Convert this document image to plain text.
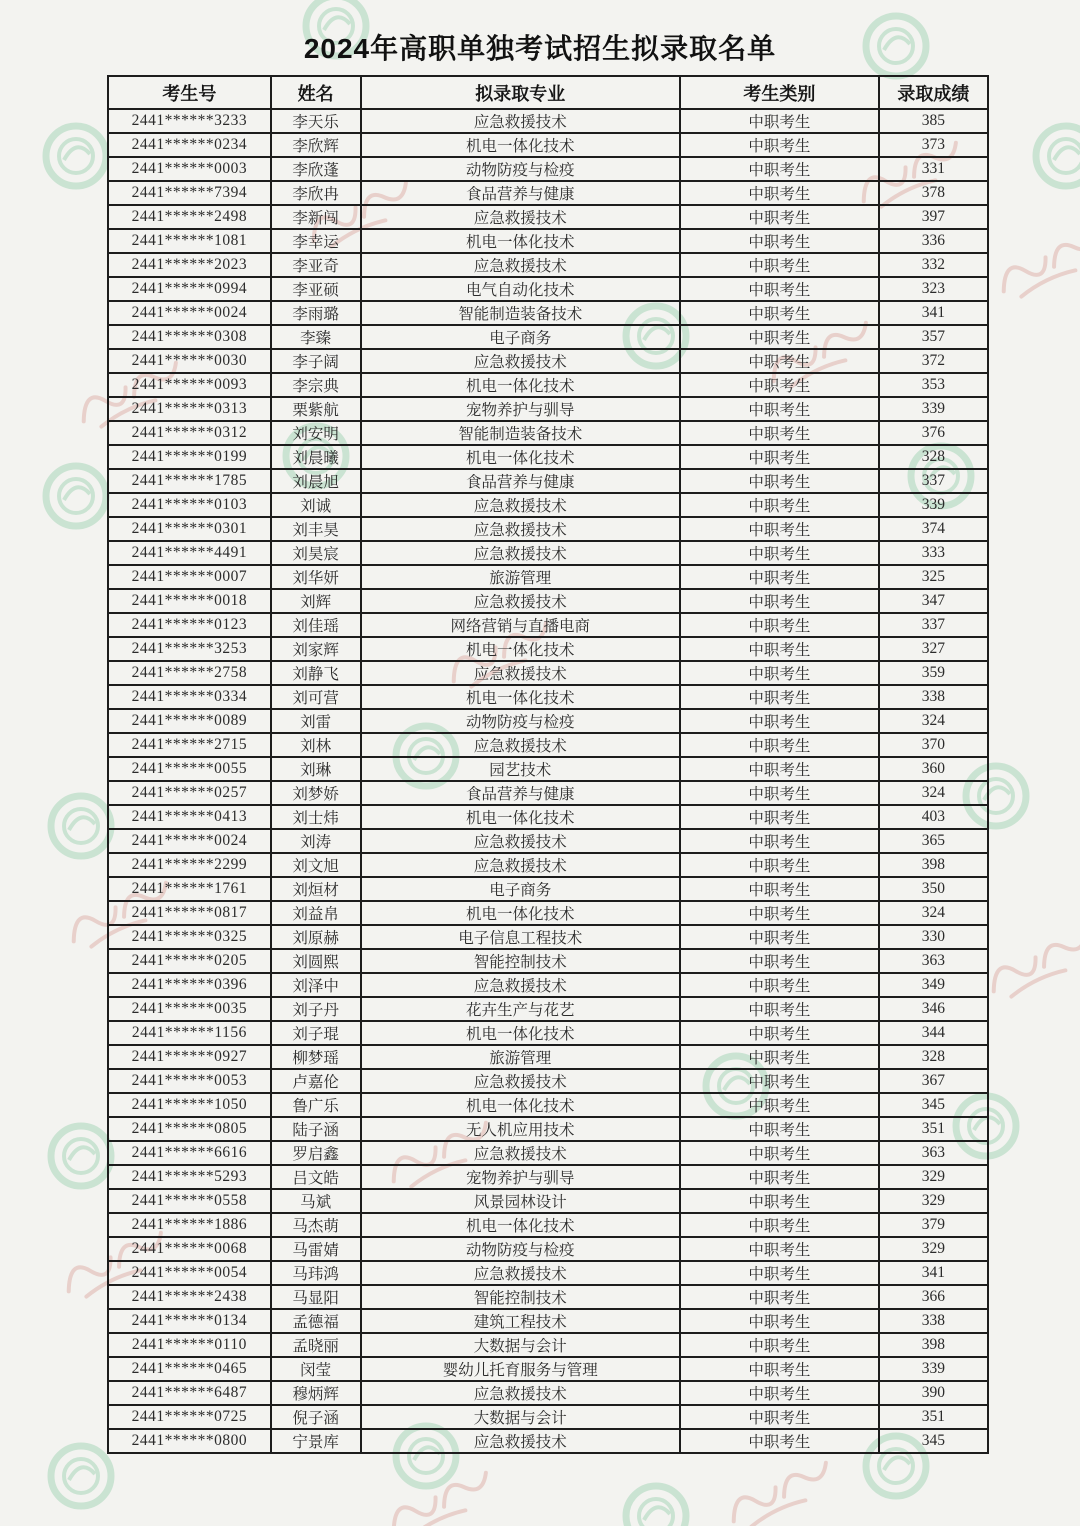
2024年高职单独考试招生拟录取名单
考生号	姓名	拟录取专业	考生类别	录取成绩
2441******3233	李天乐	应急救援技术	中职考生	385
2441******0234	李欣辉	机电一体化技术	中职考生	373
2441******0003	李欣蓬	动物防疫与检疫	中职考生	331
2441******7394	李欣冉	食品营养与健康	中职考生	378
2441******2498	李新闯	应急救援技术	中职考生	397
2441******1081	李幸运	机电一体化技术	中职考生	336
2441******2023	李亚奇	应急救援技术	中职考生	332
2441******0994	李亚硕	电气自动化技术	中职考生	323
2441******0024	李雨璐	智能制造装备技术	中职考生	341
2441******0308	李臻	电子商务	中职考生	357
2441******0030	李子阔	应急救援技术	中职考生	372
2441******0093	李宗典	机电一体化技术	中职考生	353
2441******0313	栗紫航	宠物养护与驯导	中职考生	339
2441******0312	刘安明	智能制造装备技术	中职考生	376
2441******0199	刘晨曦	机电一体化技术	中职考生	328
2441******1785	刘晨旭	食品营养与健康	中职考生	337
2441******0103	刘诚	应急救援技术	中职考生	339
2441******0301	刘丰昊	应急救援技术	中职考生	374
2441******4491	刘昊宸	应急救援技术	中职考生	333
2441******0007	刘华妍	旅游管理	中职考生	325
2441******0018	刘辉	应急救援技术	中职考生	347
2441******0123	刘佳瑶	网络营销与直播电商	中职考生	337
2441******3253	刘家辉	机电一体化技术	中职考生	327
2441******2758	刘静飞	应急救援技术	中职考生	359
2441******0334	刘可营	机电一体化技术	中职考生	338
2441******0089	刘雷	动物防疫与检疫	中职考生	324
2441******2715	刘林	应急救援技术	中职考生	370
2441******0055	刘琳	园艺技术	中职考生	360
2441******0257	刘梦娇	食品营养与健康	中职考生	324
2441******0413	刘士炜	机电一体化技术	中职考生	403
2441******0024	刘涛	应急救援技术	中职考生	365
2441******2299	刘文旭	应急救援技术	中职考生	398
2441******1761	刘烜材	电子商务	中职考生	350
2441******0817	刘益帛	机电一体化技术	中职考生	324
2441******0325	刘原赫	电子信息工程技术	中职考生	330
2441******0205	刘圆熙	智能控制技术	中职考生	363
2441******0396	刘泽中	应急救援技术	中职考生	349
2441******0035	刘子丹	花卉生产与花艺	中职考生	346
2441******1156	刘子琨	机电一体化技术	中职考生	344
2441******0927	柳梦瑶	旅游管理	中职考生	328
2441******0053	卢嘉伦	应急救援技术	中职考生	367
2441******1050	鲁广乐	机电一体化技术	中职考生	345
2441******0805	陆子涵	无人机应用技术	中职考生	351
2441******6616	罗启鑫	应急救援技术	中职考生	363
2441******5293	吕文皓	宠物养护与驯导	中职考生	329
2441******0558	马斌	风景园林设计	中职考生	329
2441******1886	马杰萌	机电一体化技术	中职考生	379
2441******0068	马雷婧	动物防疫与检疫	中职考生	329
2441******0054	马玮鸿	应急救援技术	中职考生	341
2441******2438	马显阳	智能控制技术	中职考生	366
2441******0134	孟德福	建筑工程技术	中职考生	338
2441******0110	孟晓丽	大数据与会计	中职考生	398
2441******0465	闵莹	婴幼儿托育服务与管理	中职考生	339
2441******6487	穆炳辉	应急救援技术	中职考生	390
2441******0725	倪子涵	大数据与会计	中职考生	351
2441******0800	宁景库	应急救援技术	中职考生	345
